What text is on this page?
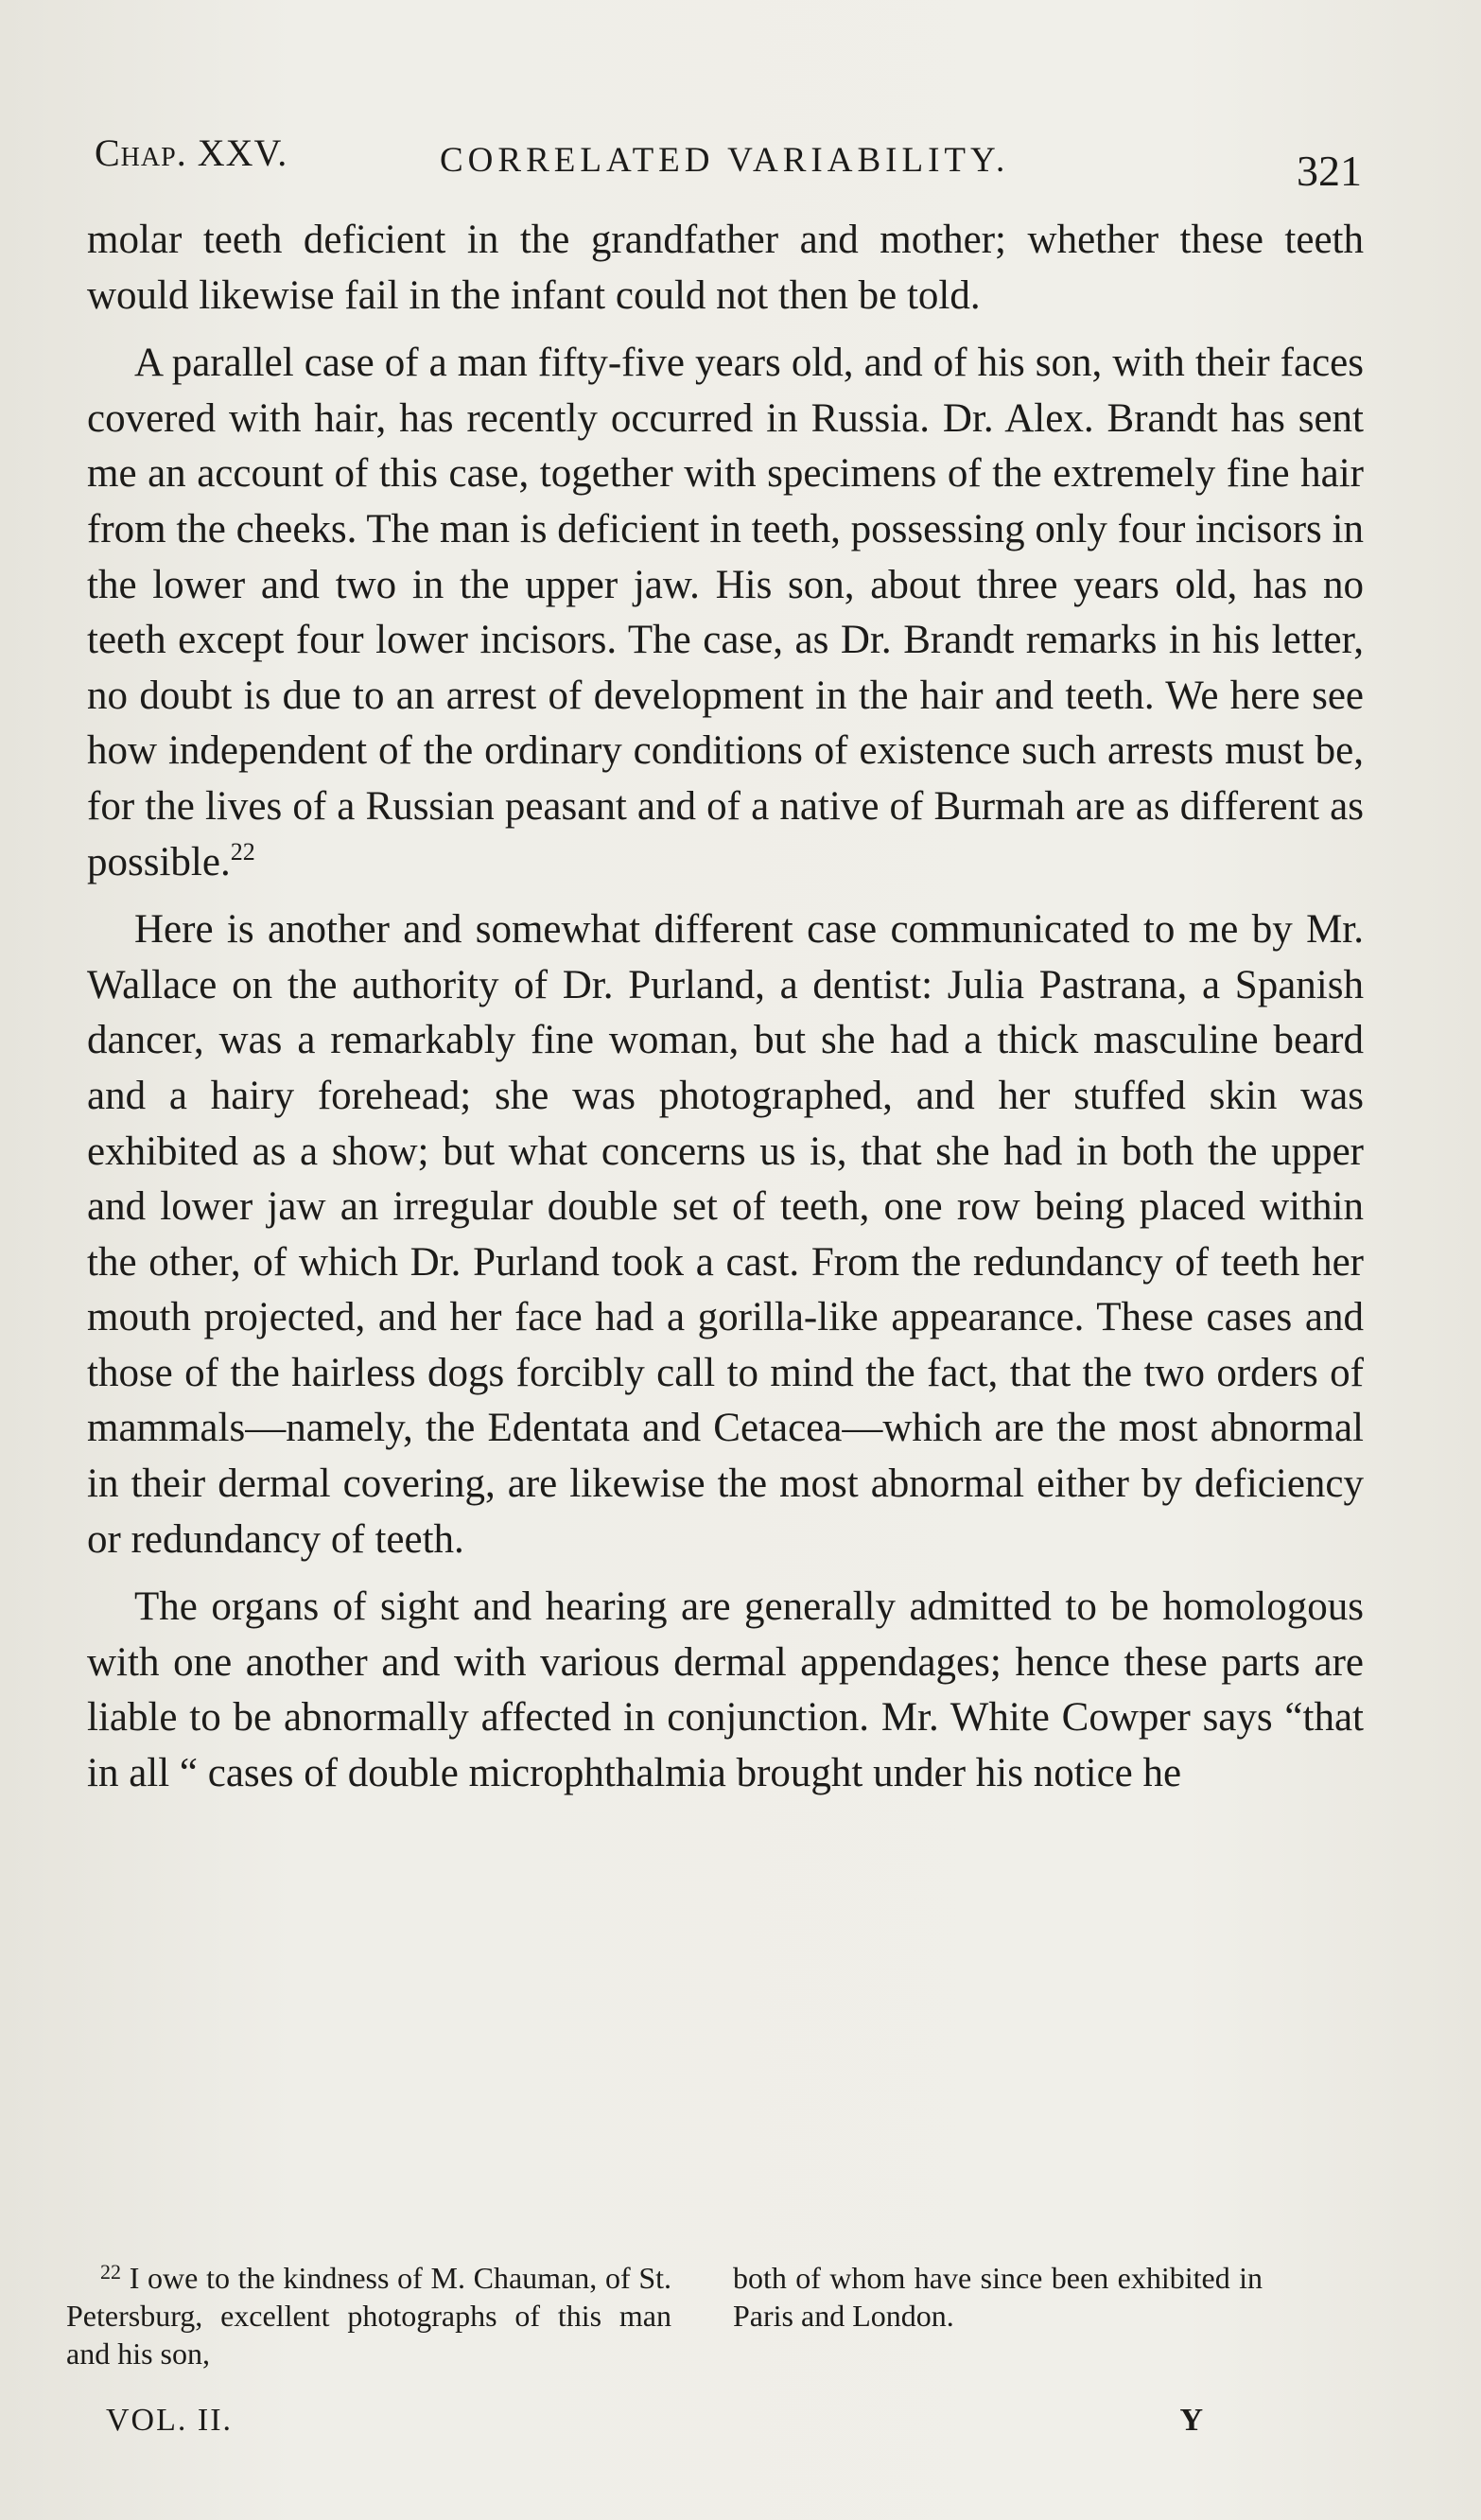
Chap. XXV.	CORRELATED VARIABILITY.	321

molar teeth deficient in the grandfather and mother; whether these teeth would likewise fail in the infant could not then be told.

A parallel case of a man fifty-five years old, and of his son, with their faces covered with hair, has recently occurred in Russia. Dr. Alex. Brandt has sent me an account of this case, together with specimens of the extremely fine hair from the cheeks. The man is deficient in teeth, possessing only four incisors in the lower and two in the upper jaw. His son, about three years old, has no teeth except four lower incisors. The case, as Dr. Brandt remarks in his letter, no doubt is due to an arrest of development in the hair and teeth. We here see how independent of the ordinary conditions of existence such arrests must be, for the lives of a Russian peasant and of a native of Burmah are as different as possible.$^{22}$

Here is another and somewhat different case communicated to me by Mr. Wallace on the authority of Dr. Purland, a dentist: Julia Pastrana, a Spanish dancer, was a remarkably fine woman, but she had a thick masculine beard and a hairy forehead; she was photographed, and her stuffed skin was exhibited as a show; but what concerns us is, that she had in both the upper and lower jaw an irregular double set of teeth, one row being placed within the other, of which Dr. Purland took a cast. From the redundancy of teeth her mouth projected, and her face had a gorilla-like appearance. These cases and those of the hairless dogs forcibly call to mind the fact, that the two orders of mammals—namely, the Edentata and Cetacea—which are the most abnormal in their dermal covering, are likewise the most abnormal either by deficiency or redundancy of teeth.

The organs of sight and hearing are generally admitted to be homologous with one another and with various dermal appendages; hence these parts are liable to be abnormally affected in conjunction. Mr. White Cowper says “that in all “ cases of double microphthalmia brought under his notice he

$^{22}$ I owe to the kindness of M. Chauman, of St. Petersburg, excellent photographs of this man and his son,
both of whom have since been exhibited in Paris and London.
VOL. II.	Y
